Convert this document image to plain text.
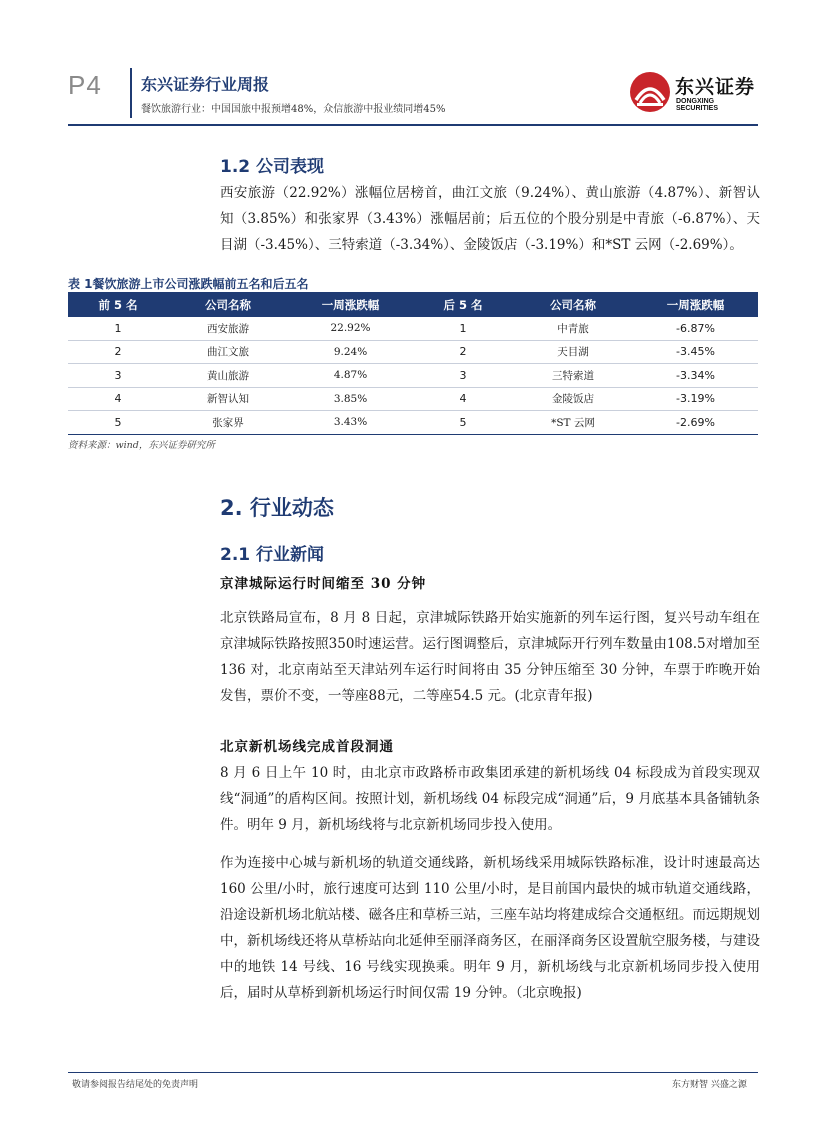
P4 东兴证券行业周报
餐饮旅游行业：中国国旅中报预增48%，众信旅游中报业绩同增45%
东兴证券
DONGXING SECURITIES
1.2 公司表现
西安旅游（22.92%）涨幅位居榜首，曲江文旅（9.24%）、黄山旅游（4.87%）、新智认知（3.85%）和张家界（3.43%）涨幅居前；后五位的个股分别是中青旅（-6.87%）、天目湖（-3.45%）、三特索道（-3.34%）、金陵饭店（-3.19%）和*ST 云网（-2.69%）。
表 1餐饮旅游上市公司涨跌幅前五名和后五名
前 5 名	公司名称	一周涨跌幅	后 5 名	公司名称	一周涨跌幅
1	西安旅游	22.92%	1	中青旅	-6.87%
2	曲江文旅	9.24%	2	天目湖	-3.45%
3	黄山旅游	4.87%	3	三特索道	-3.34%
4	新智认知	3.85%	4	金陵饭店	-3.19%
5	张家界	3.43%	5	*ST 云网	-2.69%
资料来源：wind，东兴证券研究所
2. 行业动态
2.1 行业新闻
京津城际运行时间缩至 30 分钟
北京铁路局宣布，8 月 8 日起，京津城际铁路开始实施新的列车运行图，复兴号动车组在京津城际铁路按照350时速运营。运行图调整后，京津城际开行列车数量由108.5对增加至 136 对，北京南站至天津站列车运行时间将由 35 分钟压缩至 30 分钟，车票于昨晚开始发售，票价不变，一等座88元，二等座54.5 元。(北京青年报)
北京新机场线完成首段洞通
8 月 6 日上午 10 时，由北京市政路桥市政集团承建的新机场线 04 标段成为首段实现双线“洞通”的盾构区间。按照计划，新机场线 04 标段完成“洞通”后，9 月底基本具备铺轨条件。明年 9 月，新机场线将与北京新机场同步投入使用。
作为连接中心城与新机场的轨道交通线路，新机场线采用城际铁路标准，设计时速最高达 160 公里/小时，旅行速度可达到 110 公里/小时，是目前国内最快的城市轨道交通线路，沿途设新机场北航站楼、磁各庄和草桥三站，三座车站均将建成综合交通枢纽。而远期规划中，新机场线还将从草桥站向北延伸至丽泽商务区，在丽泽商务区设置航空服务楼，与建设中的地铁 14 号线、16 号线实现换乘。明年 9 月，新机场线与北京新机场同步投入使用后，届时从草桥到新机场运行时间仅需 19 分钟。（北京晚报)
敬请参阅报告结尾处的免责声明	东方财智 兴盛之源
